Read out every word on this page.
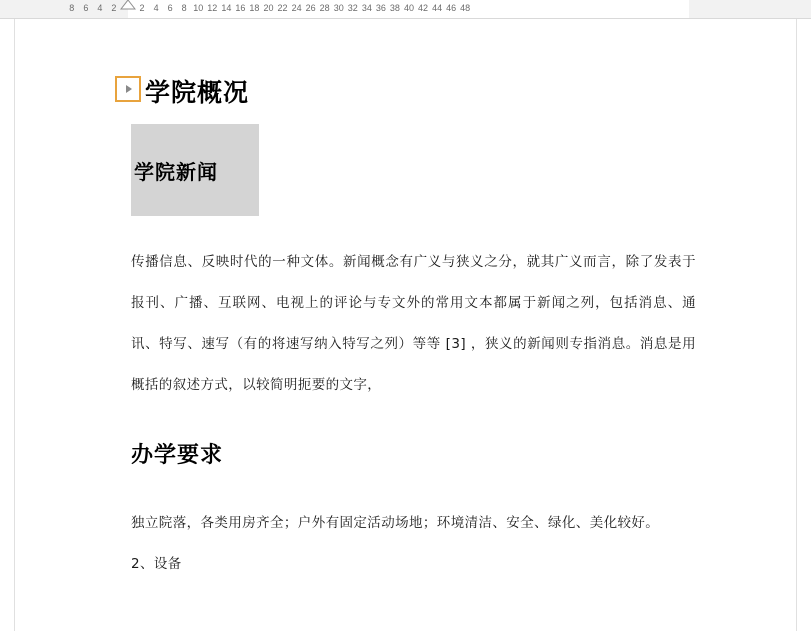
8 6 4 2	2 4 6 8 10 12 14 16 18 20 22 24 26 28 30 32 34 36 38 40 42 44 46 48
学院概况
学院新闻

传播信息、反映时代的一种文体。新闻概念有广义与狭义之分，就其广义而言，除了发表于报刊、广播、互联网、电视上的评论与专文外的常用文本都属于新闻之列，包括消息、通讯、特写、速写（有的将速写纳入特写之列）等等 [3] ，狭义的新闻则专指消息。消息是用概括的叙述方式，以较简明扼要的文字，

办学要求

独立院落，各类用房齐全；户外有固定活动场地；环境清洁、安全、绿化、美化较好。

2、设备
